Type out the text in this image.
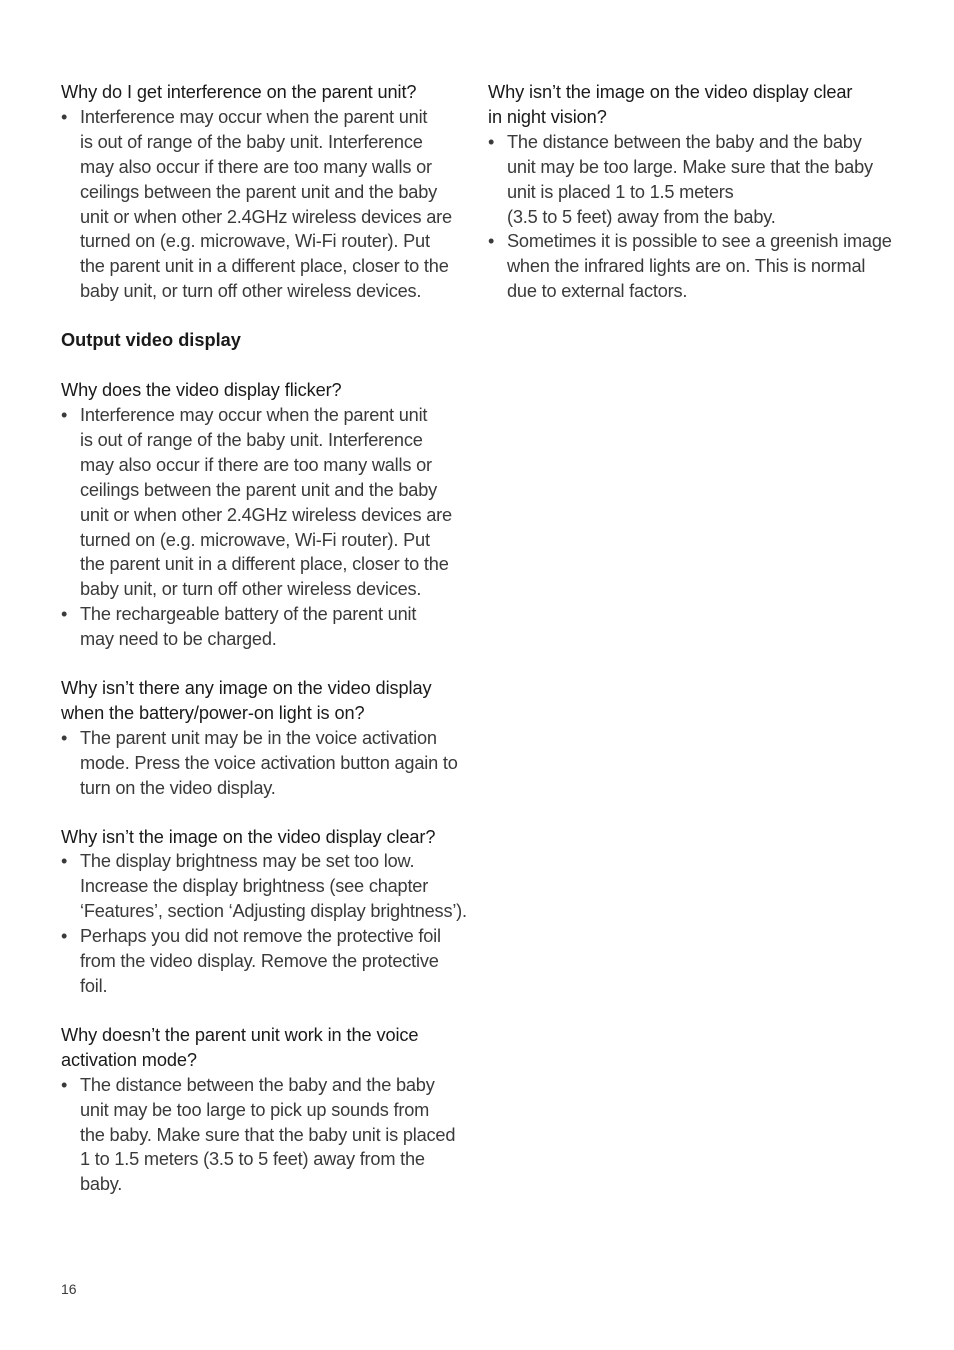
Why do I get interference on the parent unit?

• Interference may occur when the parent unit
is out of range of the baby unit. Interference
may also occur if there are too many walls or
ceilings between the parent unit and the baby
unit or when other 2.4GHz wireless devices are
turned on (e.g. microwave, Wi-Fi router). Put
the parent unit in a different place, closer to the
baby unit, or turn off other wireless devices.
Output video display

Why does the video display flicker?

• Interference may occur when the parent unit
is out of range of the baby unit. Interference
may also occur if there are too many walls or
ceilings between the parent unit and the baby
unit or when other 2.4GHz wireless devices are
turned on (e.g. microwave, Wi-Fi router). Put
the parent unit in a different place, closer to the
baby unit, or turn off other wireless devices.
• The rechargeable battery of the parent unit
may need to be charged.

Why isn’t there any image on the video display
when the battery/power-on light is on?

• The parent unit may be in the voice activation
mode. Press the voice activation button again to
turn on the video display.

Why isn’t the image on the video display clear?

• The display brightness may be set too low.
Increase the display brightness (see chapter
‘Features’, section ‘Adjusting display brightness’).
• Perhaps you did not remove the protective foil
from the video display. Remove the protective
foil.

Why doesn’t the parent unit work in the voice
activation mode?

• The distance between the baby and the baby
unit may be too large to pick up sounds from
the baby. Make sure that the baby unit is placed
1 to 1.5 meters (3.5 to 5 feet) away from the
baby.

Why isn’t the image on the video display clear
in night vision?

• The distance between the baby and the baby
unit may be too large. Make sure that the baby
unit is placed 1 to 1.5 meters
(3.5 to 5 feet) away from the baby.
• Sometimes it is possible to see a greenish image
when the infrared lights are on. This is normal
due to external factors.
16
